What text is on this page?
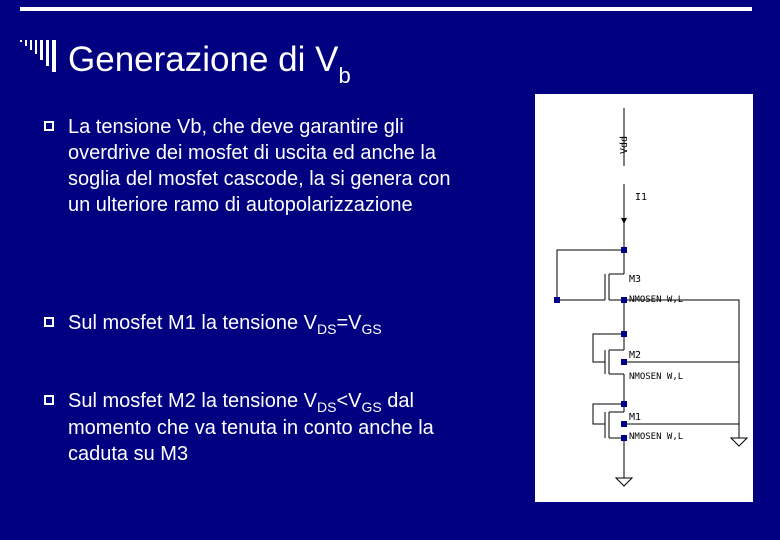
Generazione di $V_b$
La tensione Vb, che deve garantire gli overdrive dei mosfet di uscita ed anche la soglia del mosfet cascode, la si genera con un ulteriore ramo di autopolarizzazione
Sul mosfet M1 la tensione $V_{DS}=V_{GS}$
Sul mosfet M2 la tensione $V_{DS}<V_{GS}$ dal momento che va tenuta in conto anche la caduta su M3
Vdd
I1
M3
NMOSEN W,L
M2
NMOSEN W,L
M1
NMOSEN W,L
